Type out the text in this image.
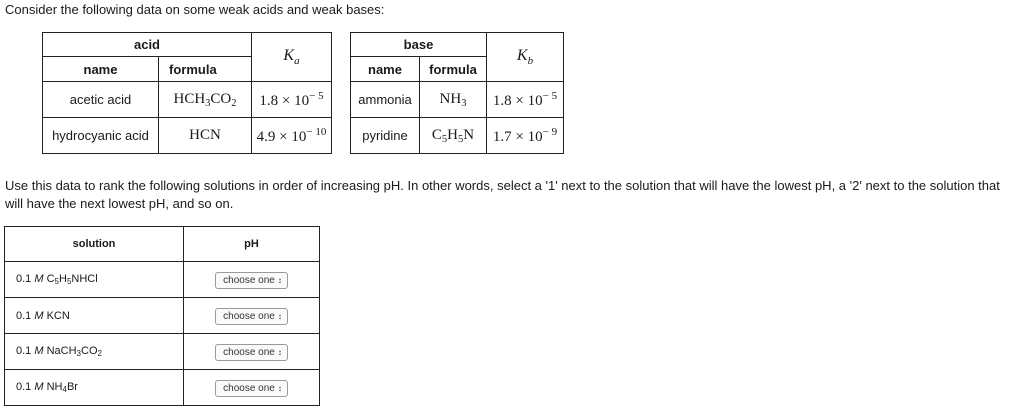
Consider the following data on some weak acids and weak bases:
acid		$K_a$
name	formula	
acetic acid	$HCH_3CO_2$	$1.8 \times 10^{- 5}$
hydrocyanic acid	HCN	$4.9 \times 10^{- 10}$
base		$K_b$
name	formula	
ammonia	$NH_3$	$1.8 \times 10^{- 5}$
pyridine	$C_5H_5N$	$1.7 \times 10^{- 9}$
Use this data to rank the following solutions in order of increasing pH. In other words, select a '1' next to the solution that will have the lowest pH, a '2' next to the solution that will have the next lowest pH, and so on.
solution	pH
0.1 M $C_5H_5NHCl$	choose one ↕
0.1 M KCN	choose one ↕
0.1 M $NaCH_3CO_2$	choose one ↕
0.1 M $NH_4Br$	choose one ↕
